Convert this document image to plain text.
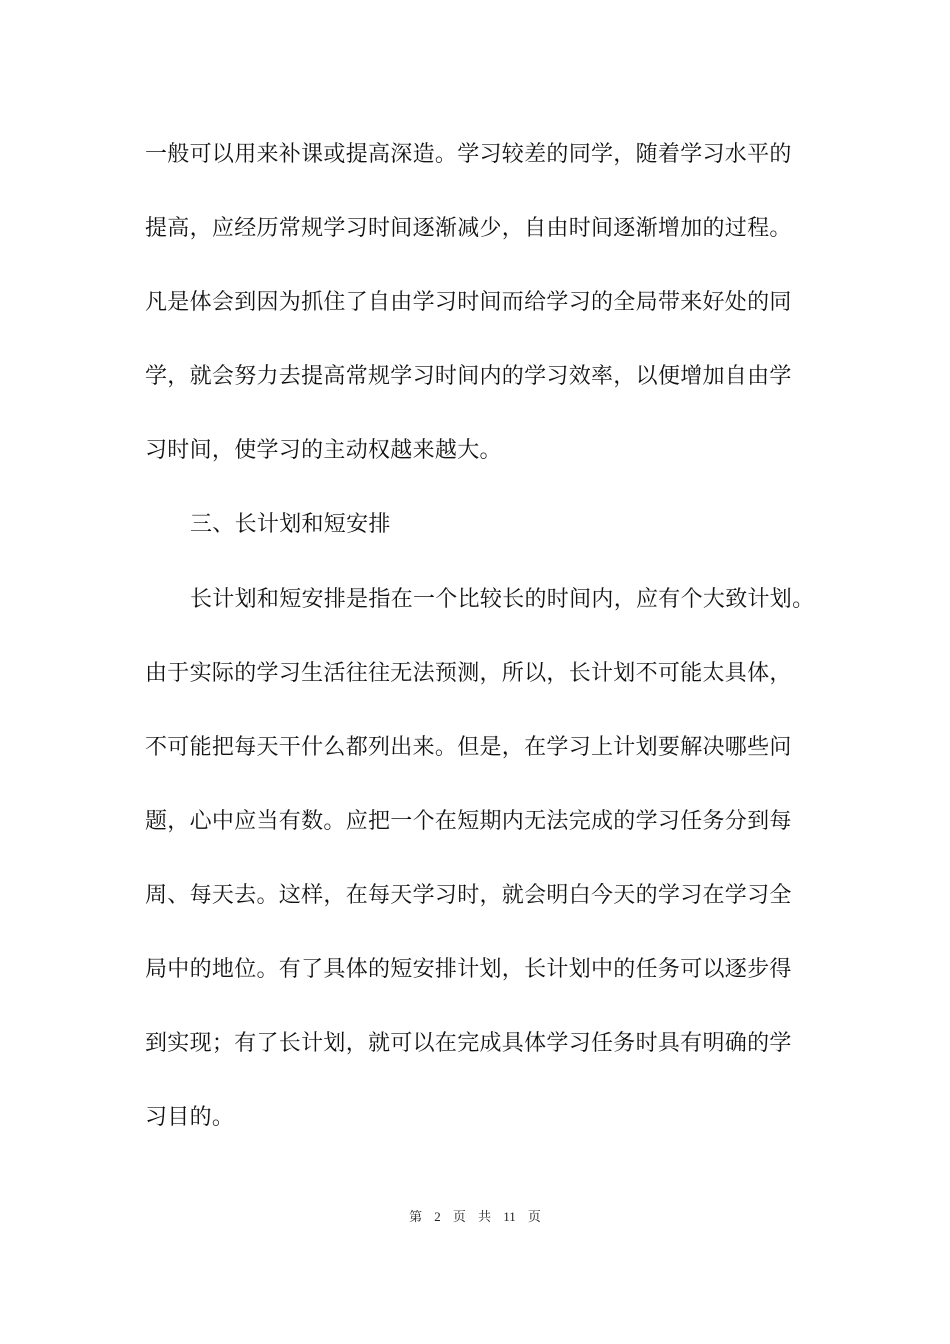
一般可以用来补课或提高深造。学习较差的同学，随着学习水平的
提高，应经历常规学习时间逐渐减少，自由时间逐渐增加的过程。
凡是体会到因为抓住了自由学习时间而给学习的全局带来好处的同
学，就会努力去提高常规学习时间内的学习效率，以便增加自由学
习时间，使学习的主动权越来越大。
三、长计划和短安排
长计划和短安排是指在一个比较长的时间内，应有个大致计划。
由于实际的学习生活往往无法预测，所以，长计划不可能太具体，
不可能把每天干什么都列出来。但是，在学习上计划要解决哪些问
题，心中应当有数。应把一个在短期内无法完成的学习任务分到每
周、每天去。这样，在每天学习时，就会明白今天的学习在学习全
局中的地位。有了具体的短安排计划，长计划中的任务可以逐步得
到实现；有了长计划，就可以在完成具体学习任务时具有明确的学
习目的。
第 2 页 共 11 页
